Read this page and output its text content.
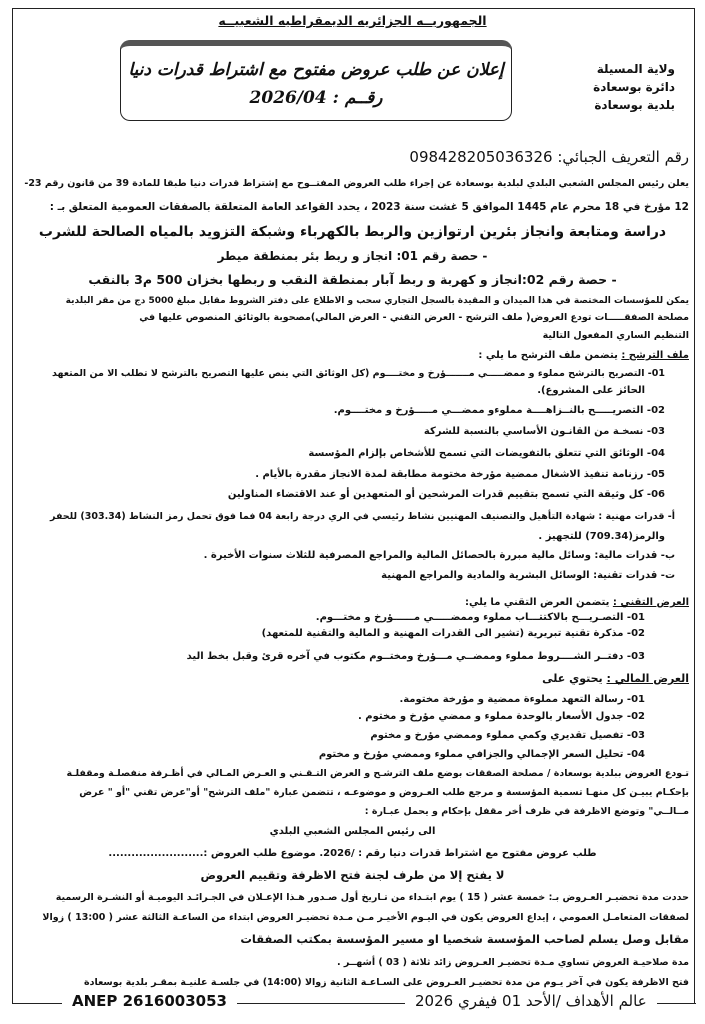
الجمهوريــه الجزائريه الديمقراطيه الشعبيــه
إعلان عن طلب عروض مفتوح مع اشتراط قدرات دنيا
رقــم : 2026/04
ولاية المسيلة
دائرة بوسعادة
بلدية بوسعادة
رقم التعريف الجبائي: 09842820503632​6
يعلن رئيس المجلس الشعبي البلدي لبلدية بوسعادة عن إجراء طلب العروض المفتــوح مع إشتراط قدرات دنيا طبقا للمادة 39 من قانون رقم 23-
12 مؤرخ في 18 محرم عام 1445 الموافق 5 غشت سنة 2023 ، يحدد القواعد العامة المتعلقة بالصفقات العمومية المتعلق بـ :
دراسة ومتابعة وانجاز بئرين ارتوازين والربط بالكهرباء وشبكة التزويد بالمياه الصالحة للشرب
- حصة رقم 01: انجاز و ربط بئر بمنطقة ميطر
- حصة رقم 02:انجاز و كهربة و ربط آبار بمنطقة النقب و ربطها بخزان 500 م3 بالنقب
يمكن للمؤسسات المختصة في هذا الميدان و المقيدة بالسجل التجاري سحب و الاطلاع على دفتر الشروط مقابل مبلغ 5000 دج من مقر البلدية
مصلحة الصفقـــــات تودع العروض( ملف الترشح - العرض التقني - العرض المالي)مصحوبة بالوثائق المنصوص عليها في
التنظيم الساري المفعول التالية
ملف الترشح : يتضمن ملف الترشح ما يلي :
01- التصريح بالترشح مملوء و ممضـــــي مـــــــؤرخ و مختــــوم (كل الوثائق التي ينص عليها التصريح بالترشح لا تطلب الا من المتعهد
الحائز على المشروع).
02- التصريـــــح بالنــزاهــــة مملوءو ممضـــي مـــــؤرخ و مختــــوم.
03- نسخـة من القانـون الأساسي بالنسبة للشركة
04- الوثائق التي تتعلق بالتفويضات التي تسمح للأشخاص بإلزام المؤسسة
05- رزنامة تنفيذ الاشغال ممضية مؤرخة مختومة مطابقة لمدة الانجاز مقدرة بالأيام .
06- كل وثيقة التي تسمح بتقييم قدرات المرشحين أو المتعهدين أو عند الاقتضاء المناولين
أ- قدرات مهنية : شهادة التأهيل والتصنيف المهنيين نشاط رئيسي في الري درجة رابعة 04 فما فوق تحمل رمز النشاط (303.34) للحفر
والرمز(709.34) للتجهيز .
ب- قدرات مالية: وسائل مالية مبررة بالحصائل المالية والمراجع المصرفية للثلاث سنوات الأخيرة .
ت- قدرات تقنية: الوسائل البشرية والمادية والمراجع المهنية
العرض التقني : يتضمن العرض التقني ما يلي:
01- التصـريـــح بالاكتتـــاب مملوء وممضـــــي مــــــؤرخ و مختـــوم.
02- مذكرة تقنية تبريرية (تشير الى القدرات المهنية و المالية والتقنية للمتعهد)
03- دفتــر الشــــروط مملوء وممضــي مـــؤرخ ومختــوم مكتوب في آخره قرئ وقبل بخط اليد
العرض المالي : يحتوي على
01- رسالة التعهد مملوءة ممضية و مؤرخة مختومة.
02- جدول الأسعار بالوحدة مملوء و ممضي مؤرخ و مختوم .
03- تفصيل تقديري وكمي مملوء وممضي مؤرخ و مختوم
04- تحليل السعر الإجمالي والجزافي مملوء وممضي مؤرخ و مختوم
تـودع العروض ببلدية بوسعادة / مصلحة الصفقات بوضع ملف الترشـح و العرض التـقـني و العـرض المـالي في أظـرفة منفصلـة ومقفلـة
بإحكـام يبيـن كل منهـا تسمية المؤسسة و مرجع طلب العـروض و موضوعـه ، تتضمن عبارة "ملف الترشح" أو"عرض تقني "أو " عرض
مــالــي" وتوضع الاظرفة في ظرف أخر مقفل بإحكام و يحمل عبـارة :
الى رئيس المجلس الشعبي البلدي
طلب عروض مفتوح مع اشتراط قدرات دنيا رقم : /2026. موضوع طلب العروض :.........................
لا يفتح إلا من طرف لجنة فتح الاظرفة وتقييم العروض
حددت مدة تحضيـر العـروض بـ: خمسة عشر ( 15 ) يوم ابتـداء من تـاريخ أول صـدور هـذا الإعـلان في الجـرائـد اليوميـة أو النشـرة الرسمية
لصفقات المتعامـل العمومي ، إيداع العروض يكون في اليـوم الأخيـر مـن مـدة تحضيـر العروض ابتداء من الساعـة الثالثة عشر ( 13:00 ) زوالا
مقابل وصل يسلم لصاحب المؤسسة شخصيا او مسير المؤسسة بمكتب الصفقات
مدة صلاحيـة العروض تساوي مـدة تحضيـر العـروض زائد ثلاثة ( 03 ) أشهــر .
فتح الاظرفة يكون في آخر يـوم من مدة تحضيـر العـروض على السـاعـة الثانية زوالا (14:00) في جلسـة علنيـة بمقـر بلدية بوسعادة
ANEP 2616003053	عالم الأهداف /الأحد 01 فيفري 2026
